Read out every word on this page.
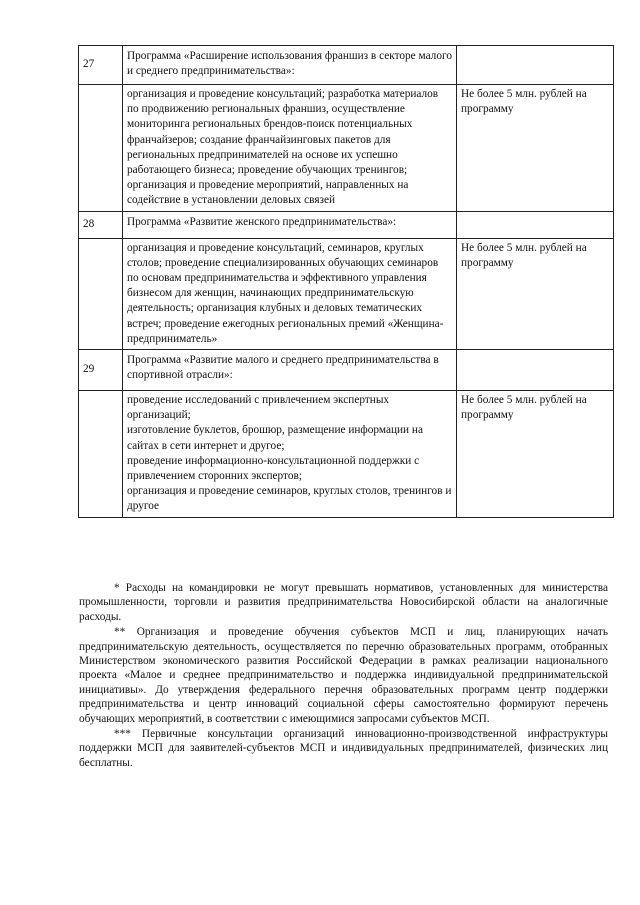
27	Программа «Расширение использования франшиз в секторе малого и среднего предпринимательства»:	
	организация и проведение консультаций; разработка материалов по продвижению региональных франшиз, осуществление мониторинга региональных брендов-поиск потенциальных франчайзеров; создание франчайзинговых пакетов для региональных предпринимателей на основе их успешно работающего бизнеса; проведение обучающих тренингов; организация и проведение мероприятий, направленных на содействие в установлении деловых связей	Не более 5 млн. рублей на программу
28	Программа «Развитие женского предпринимательства»:	
	организация и проведение консультаций, семинаров, круглых столов; проведение специализированных обучающих семинаров по основам предпринимательства и эффективного управления бизнесом для женщин, начинающих предпринимательскую деятельность; организация клубных и деловых тематических встреч; проведение ежегодных региональных премий «Женщина-предприниматель»	Не более 5 млн. рублей на программу
29	Программа «Развитие малого и среднего предпринимательства в спортивной отрасли»:	
	проведение исследований с привлечением экспертных организаций;
изготовление буклетов, брошюр, размещение информации на сайтах в сети интернет и другое;
проведение информационно-консультационной поддержки с привлечением сторонних экспертов;
организация и проведение семинаров, круглых столов, тренингов и другое	Не более 5 млн. рублей на программу

* Расходы на командировки не могут превышать нормативов, установленных для министерства промышленности, торговли и развития предпринимательства Новосибирской области на аналогичные расходы.

** Организация и проведение обучения субъектов МСП и лиц, планирующих начать предпринимательскую деятельность, осуществляется по перечню образовательных программ, отобранных Министерством экономического развития Российской Федерации в рамках реализации национального проекта «Малое и среднее предпринимательство и поддержка индивидуальной предпринимательской инициативы». До утверждения федерального перечня образовательных программ центр поддержки предпринимательства и центр инноваций социальной сферы самостоятельно формируют перечень обучающих мероприятий, в соответствии с имеющимися запросами субъектов МСП.

*** Первичные консультации организаций инновационно-производственной инфраструктуры поддержки МСП для заявителей-субъектов МСП и индивидуальных предпринимателей, физических лиц бесплатны.
